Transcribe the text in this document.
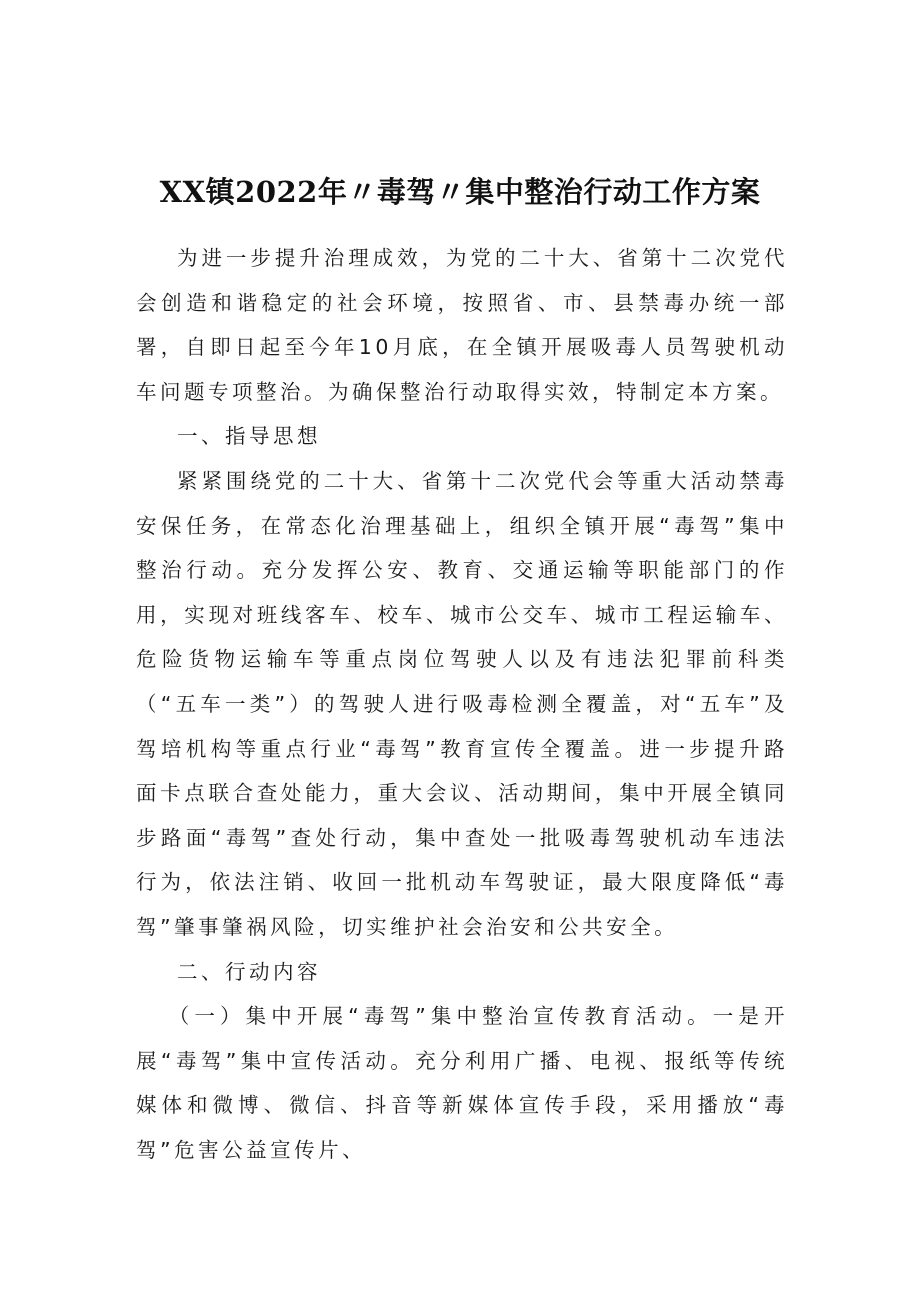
XX镇2022年〃毒驾〃集中整治行动工作方案

为进一步提升治理成效，为党的二十大、省第十二次党代会创造和谐稳定的社会环境，按照省、市、县禁毒办统一部署，自即日起至今年10月底，在全镇开展吸毒人员驾驶机动车问题专项整治。为确保整治行动取得实效，特制定本方案。

一、指导思想

紧紧围绕党的二十大、省第十二次党代会等重大活动禁毒安保任务，在常态化治理基础上，组织全镇开展“毒驾”集中整治行动。充分发挥公安、教育、交通运输等职能部门的作用，实现对班线客车、校车、城市公交车、城市工程运输车、危险货物运输车等重点岗位驾驶人以及有违法犯罪前科类（“五车一类”）的驾驶人进行吸毒检测全覆盖，对“五车”及驾培机构等重点行业“毒驾”教育宣传全覆盖。进一步提升路面卡点联合查处能力，重大会议、活动期间，集中开展全镇同步路面“毒驾”查处行动，集中查处一批吸毒驾驶机动车违法行为，依法注销、收回一批机动车驾驶证，最大限度降低“毒驾”肇事肇祸风险，切实维护社会治安和公共安全。

二、行动内容

（一）集中开展“毒驾”集中整治宣传教育活动。一是开展“毒驾”集中宣传活动。充分利用广播、电视、报纸等传统媒体和微博、微信、抖音等新媒体宣传手段，采用播放“毒驾”危害公益宣传片、
